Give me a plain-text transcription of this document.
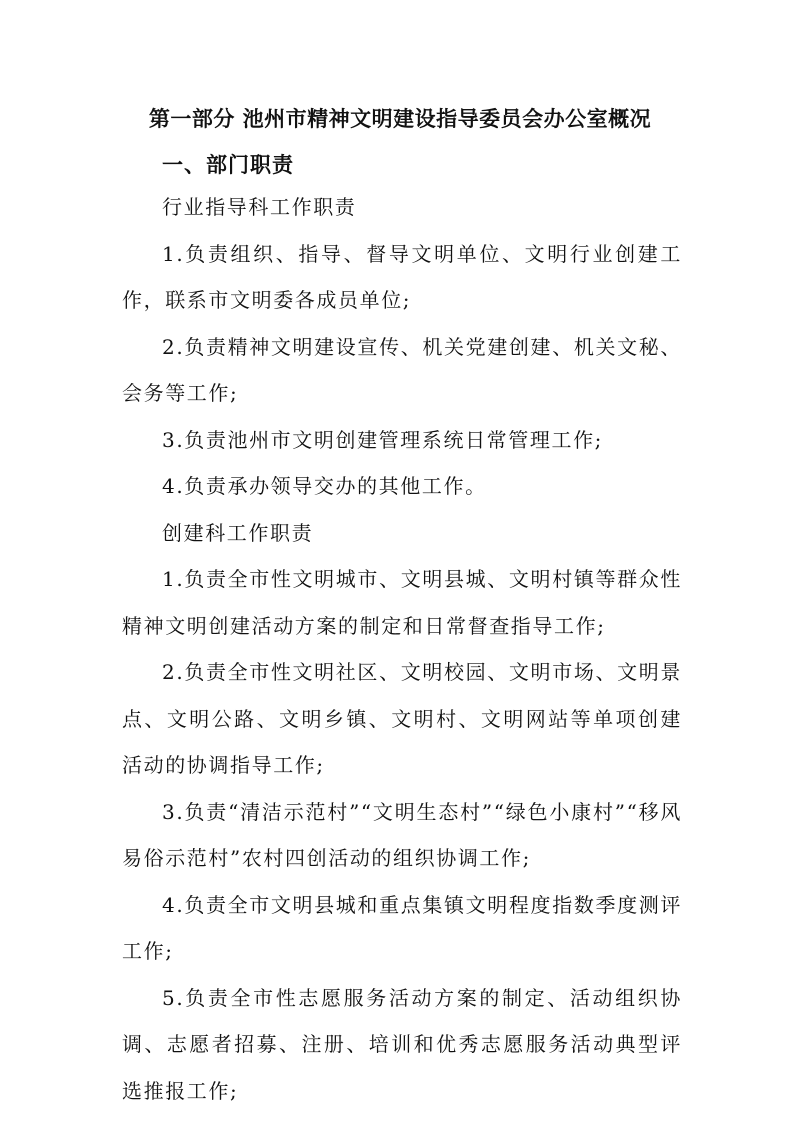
第一部分 池州市精神文明建设指导委员会办公室概况
一、部门职责

行业指导科工作职责

1.负责组织、指导、督导文明单位、文明行业创建工作，联系市文明委各成员单位;

2.负责精神文明建设宣传、机关党建创建、机关文秘、会务等工作;

3.负责池州市文明创建管理系统日常管理工作;

4.负责承办领导交办的其他工作。

创建科工作职责

1.负责全市性文明城市、文明县城、文明村镇等群众性精神文明创建活动方案的制定和日常督查指导工作;

2.负责全市性文明社区、文明校园、文明市场、文明景点、文明公路、文明乡镇、文明村、文明网站等单项创建活动的协调指导工作;

3.负责“清洁示范村”“文明生态村”“绿色小康村”“移风易俗示范村”农村四创活动的组织协调工作;

4.负责全市文明县城和重点集镇文明程度指数季度测评工作;

5.负责全市性志愿服务活动方案的制定、活动组织协调、志愿者招募、注册、培训和优秀志愿服务活动典型评选推报工作;
